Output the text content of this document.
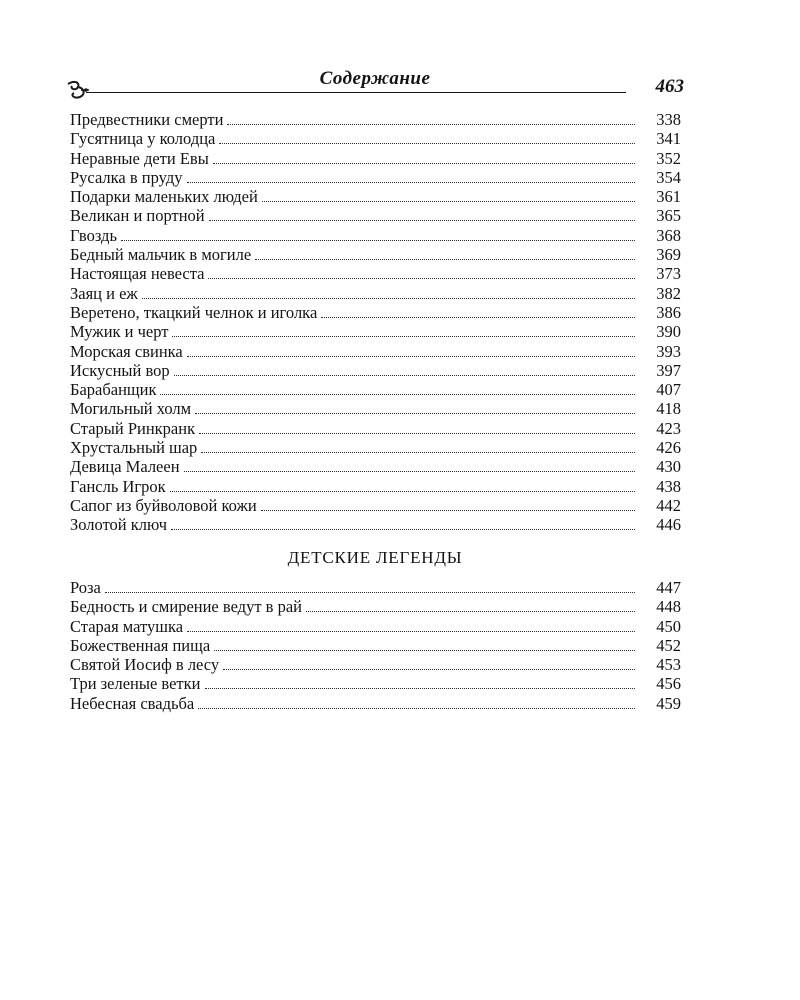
Содержание	463
Предвестники смерти	338
Гусятница у колодца	341
Неравные дети Евы	352
Русалка в пруду	354
Подарки маленьких людей	361
Великан и портной	365
Гвоздь	368
Бедный мальчик в могиле	369
Настоящая невеста	373
Заяц и еж	382
Веретено, ткацкий челнок и иголка	386
Мужик и черт	390
Морская свинка	393
Искусный вор	397
Барабанщик	407
Могильный холм	418
Старый Ринкранк	423
Хрустальный шар	426
Девица Малеен	430
Гансль Игрок	438
Сапог из буйволовой кожи	442
Золотой ключ	446
ДЕТСКИЕ ЛЕГЕНДЫ
Роза	447
Бедность и смирение ведут в рай	448
Старая матушка	450
Божественная пища	452
Святой Иосиф в лесу	453
Три зеленые ветки	456
Небесная свадьба	459
